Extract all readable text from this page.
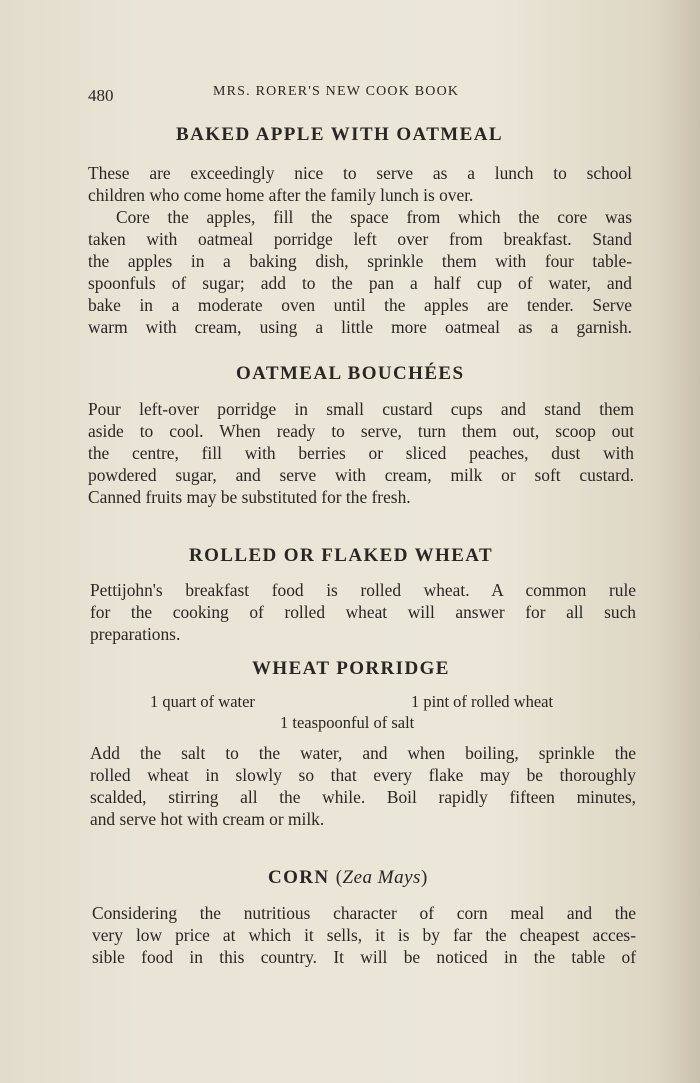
480	MRS. RORER'S NEW COOK BOOK
BAKED APPLE WITH OATMEAL
These are exceedingly nice to serve as a lunch to school
children who come home after the family lunch is over.
Core the apples, fill the space from which the core was
taken with oatmeal porridge left over from breakfast. Stand
the apples in a baking dish, sprinkle them with four table-
spoonfuls of sugar; add to the pan a half cup of water, and
bake in a moderate oven until the apples are tender. Serve
warm with cream, using a little more oatmeal as a garnish.
OATMEAL BOUCHÉES
Pour left-over porridge in small custard cups and stand them
aside to cool. When ready to serve, turn them out, scoop out
the centre, fill with berries or sliced peaches, dust with
powdered sugar, and serve with cream, milk or soft custard.
Canned fruits may be substituted for the fresh.
ROLLED OR FLAKED WHEAT
Pettijohn's breakfast food is rolled wheat. A common rule
for the cooking of rolled wheat will answer for all such
preparations.
WHEAT PORRIDGE
1 quart of water	1 pint of rolled wheat
1 teaspoonful of salt
Add the salt to the water, and when boiling, sprinkle the
rolled wheat in slowly so that every flake may be thoroughly
scalded, stirring all the while. Boil rapidly fifteen minutes,
and serve hot with cream or milk.
CORN (Zea Mays)
Considering the nutritious character of corn meal and the
very low price at which it sells, it is by far the cheapest acces-
sible food in this country. It will be noticed in the table of
